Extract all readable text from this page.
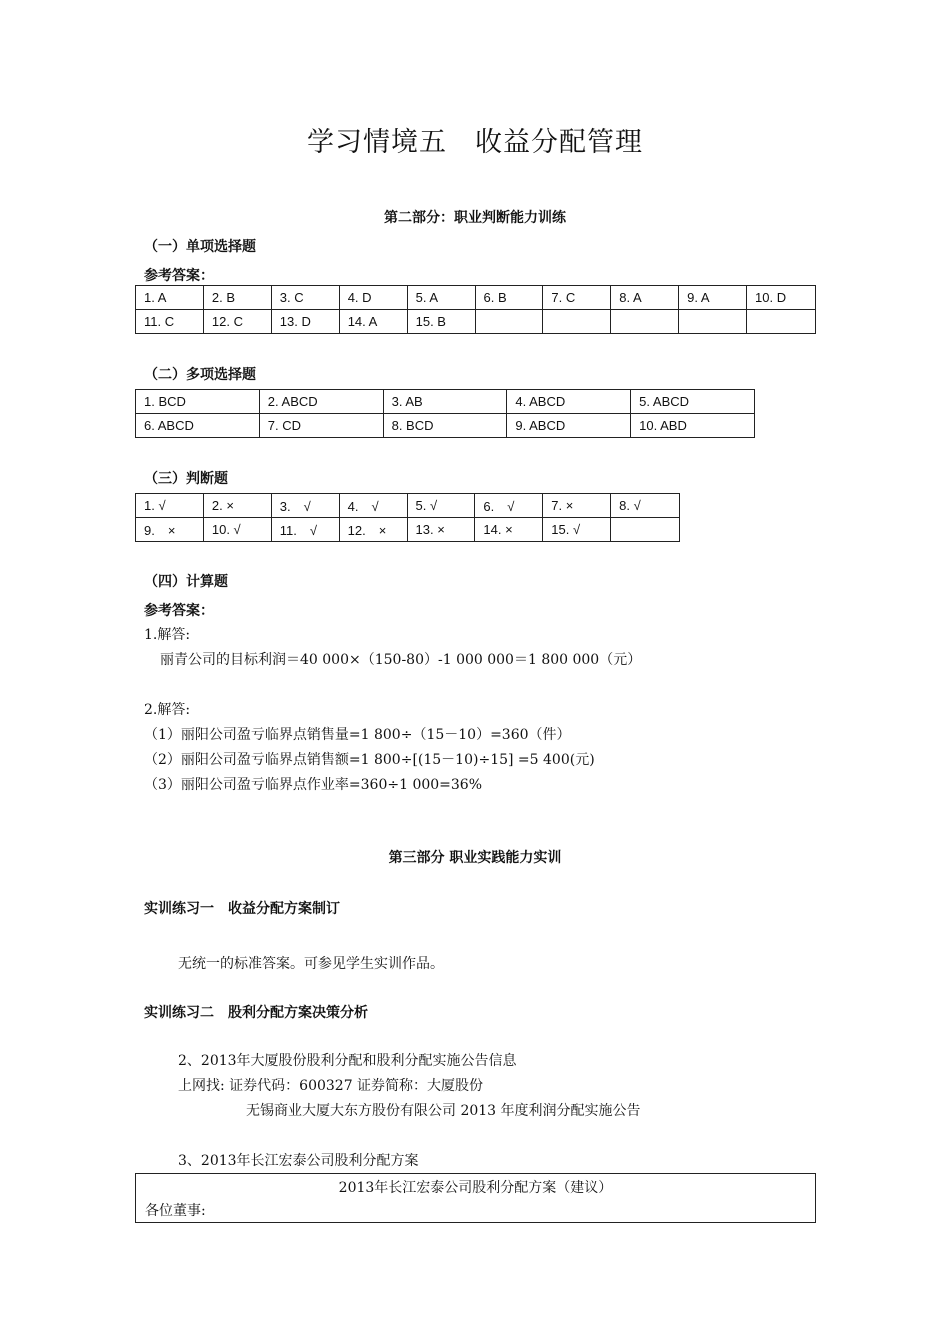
学习情境五　收益分配管理
第二部分：职业判断能力训练
（一）单项选择题
参考答案：
1. A	2. B	3. C	4. D	5. A	6. B	7. C	8. A	9. A	10. D
11. C	12. C	13. D	14. A	15. B					
（二）多项选择题
1. BCD	2. ABCD	3. AB	4. ABCD	5. ABCD
6. ABCD	7. CD	8. BCD	9. ABCD	10. ABD
（三）判断题
1. √	2. ×	3.　√	4.　√	5. √	6.　√	7. ×	8. √
9.　×	10. √	11.　√	12.　×	13. ×	14. ×	15. √	
（四）计算题
参考答案：
1.解答:
丽青公司的目标利润＝40 000×（150-80）-1 000 000＝1 800 000（元）
2.解答:
（1）丽阳公司盈亏临界点销售量=1 800÷（15－10）=360（件）
（2）丽阳公司盈亏临界点销售额=1 800÷[(15－10)÷15] =5 400(元)
（3）丽阳公司盈亏临界点作业率=360÷1 000=36%
第三部分 职业实践能力实训
实训练习一　收益分配方案制订
无统一的标准答案。可参见学生实训作品。
实训练习二　股利分配方案决策分析
2、2013年大厦股份股利分配和股利分配实施公告信息
上网找: 证券代码：600327 证券简称：大厦股份
无锡商业大厦大东方股份有限公司 2013 年度利润分配实施公告
3、2013年长江宏泰公司股利分配方案
2013年长江宏泰公司股利分配方案（建议）
各位董事:
